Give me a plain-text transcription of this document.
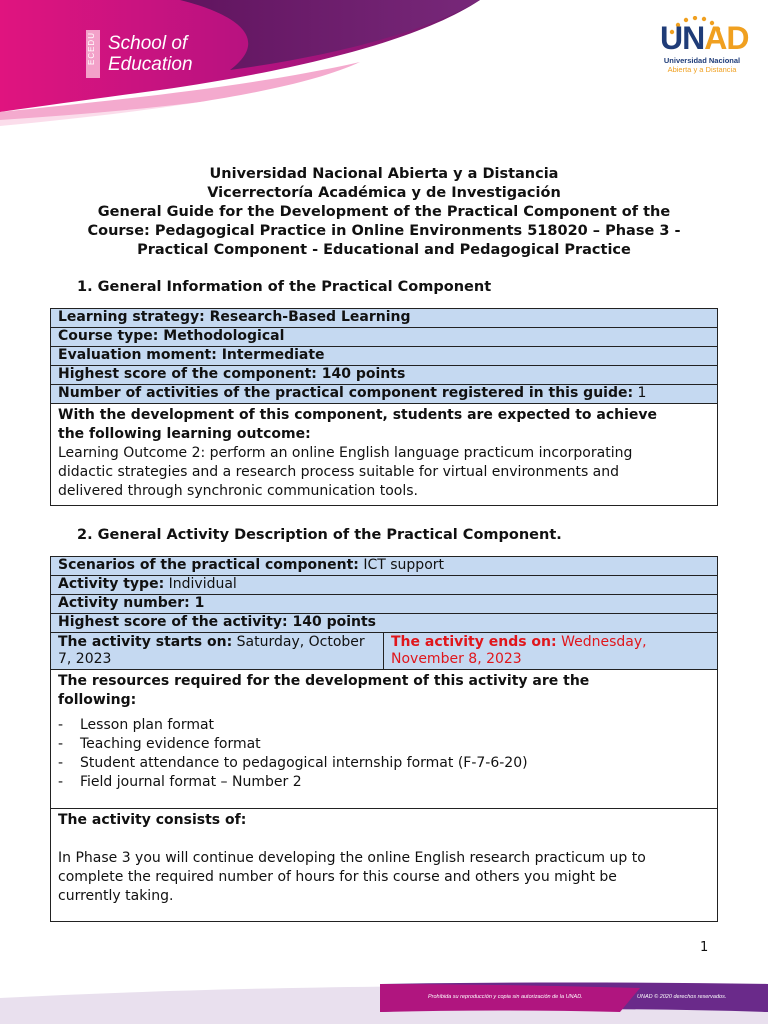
ECEDU School of
Education
UNAD
Universidad Nacional
Abierta y a Distancia
Universidad Nacional Abierta y a Distancia
Vicerrectoría Académica y de Investigación
General Guide for the Development of the Practical Component of the
Course: Pedagogical Practice in Online Environments 518020 – Phase 3 -
Practical Component - Educational and Pedagogical Practice
1. General Information of the Practical Component
Learning strategy: Research-Based Learning
Course type: Methodological
Evaluation moment: Intermediate
Highest score of the component: 140 points
Number of activities of the practical component registered in this guide: 1

With the development of this component, students are expected to achieve
the following learning outcome:
Learning Outcome 2: perform an online English language practicum incorporating
didactic strategies and a research process suitable for virtual environments and
delivered through synchronic communication tools.
2. General Activity Description of the Practical Component.
Scenarios of the practical component: ICT support
Activity type: Individual
Activity number: 1
Highest score of the activity: 140 points

The activity starts on: Saturday, October
7, 2023

The activity ends on: Wednesday,
November 8, 2023

The resources required for the development of this activity are the
following:
- Lesson plan format
- Teaching evidence format
- Student attendance to pedagogical internship format (F-7-6-20)
- Field journal format – Number 2

The activity consists of:
In Phase 3 you will continue developing the online English research practicum up to
complete the required number of hours for this course and others you might be
currently taking.
1
Prohibida su reproducción y copia sin autorización de la UNAD.	UNAD © 2020 derechos reservados.
